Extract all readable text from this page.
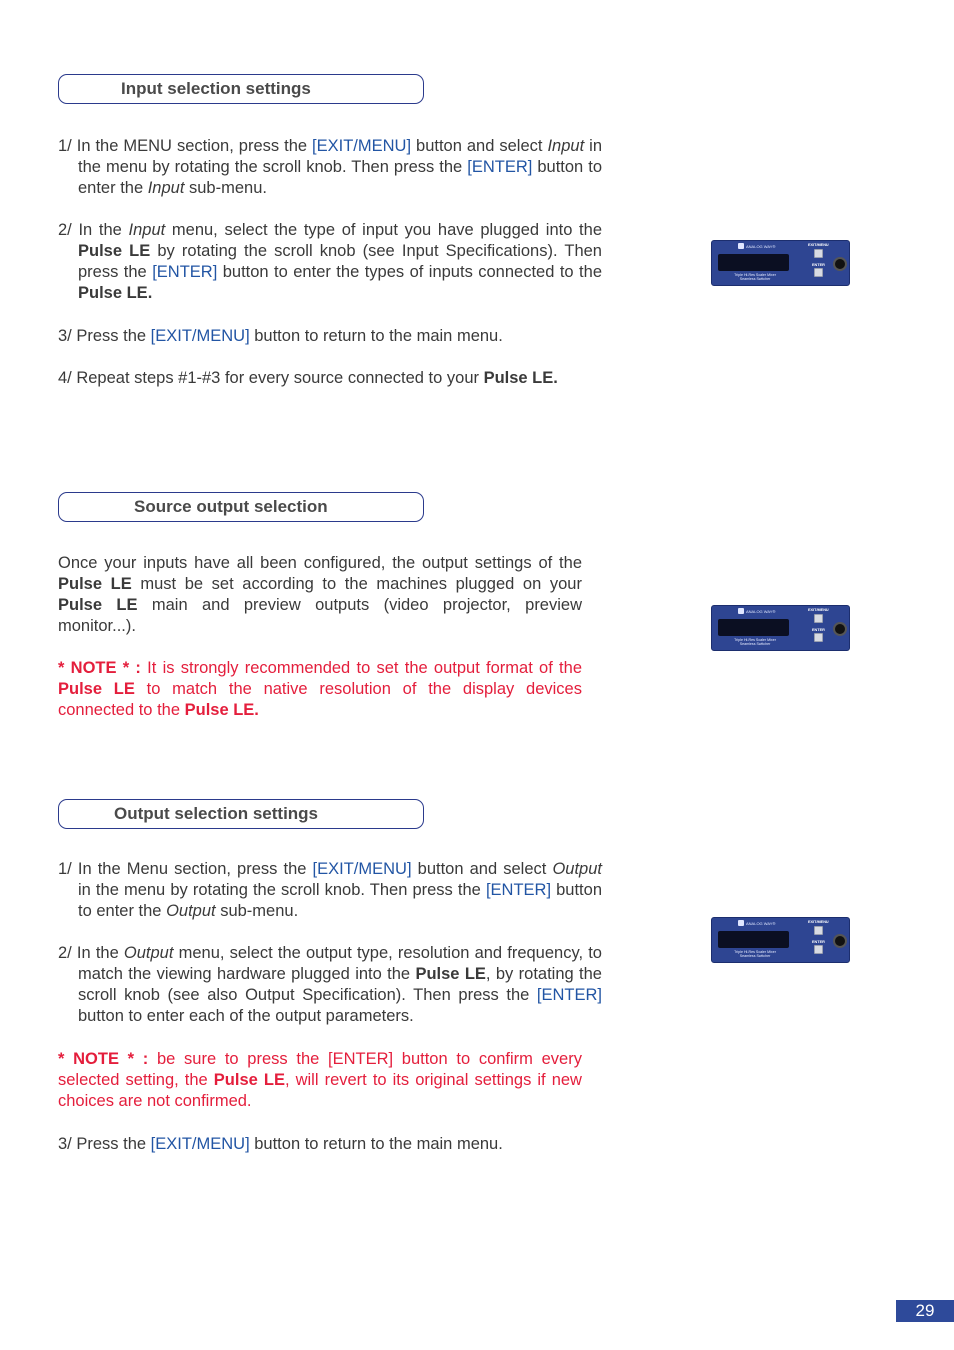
Input selection settings

1/ In the MENU section, press the [EXIT/MENU] button and select Input in the menu by rotating the scroll knob. Then press the [ENTER] button to enter the Input sub-menu.

2/ In the Input menu, select the type of input you have plugged into the Pulse LE by rotating the scroll knob (see Input Specifications). Then press the [ENTER] button to enter the types of inputs connected to the Pulse LE.

3/ Press the [EXIT/MENU] button to return to the main menu.

4/ Repeat steps #1-#3 for every source connected to your Pulse LE.

Source output selection

Once your inputs have all been configured, the output settings of the Pulse LE must be set according to the machines plugged on your Pulse LE main and preview outputs (video projector, preview monitor...).

* NOTE * : It is strongly recommended to set the output format of the Pulse LE to match the native resolution of the display devices connected to the Pulse LE.

Output selection settings

1/ In the Menu section, press the [EXIT/MENU] button and select Output in the menu by rotating the scroll knob. Then press the [ENTER] button to enter the Output sub-menu.

2/ In the Output menu, select the output type, resolution and frequency, to match the viewing hardware plugged into the Pulse LE, by rotating the scroll knob (see also Output Specification). Then press the [ENTER] button to enter each of the output parameters.

* NOTE * : be sure to press the [ENTER] button to confirm every selected setting, the Pulse LE, will revert to its original settings if new choices are not confirmed.

3/ Press the [EXIT/MENU] button to return to the main menu.

ANALOG WAY®
Triple Hi-Res Scaler Mixer
Seamless Switcher
EXIT/MENU
ENTER
ANALOG WAY®
Triple Hi-Res Scaler Mixer
Seamless Switcher
EXIT/MENU
ENTER
ANALOG WAY®
Triple Hi-Res Scaler Mixer
Seamless Switcher
EXIT/MENU
ENTER
29
